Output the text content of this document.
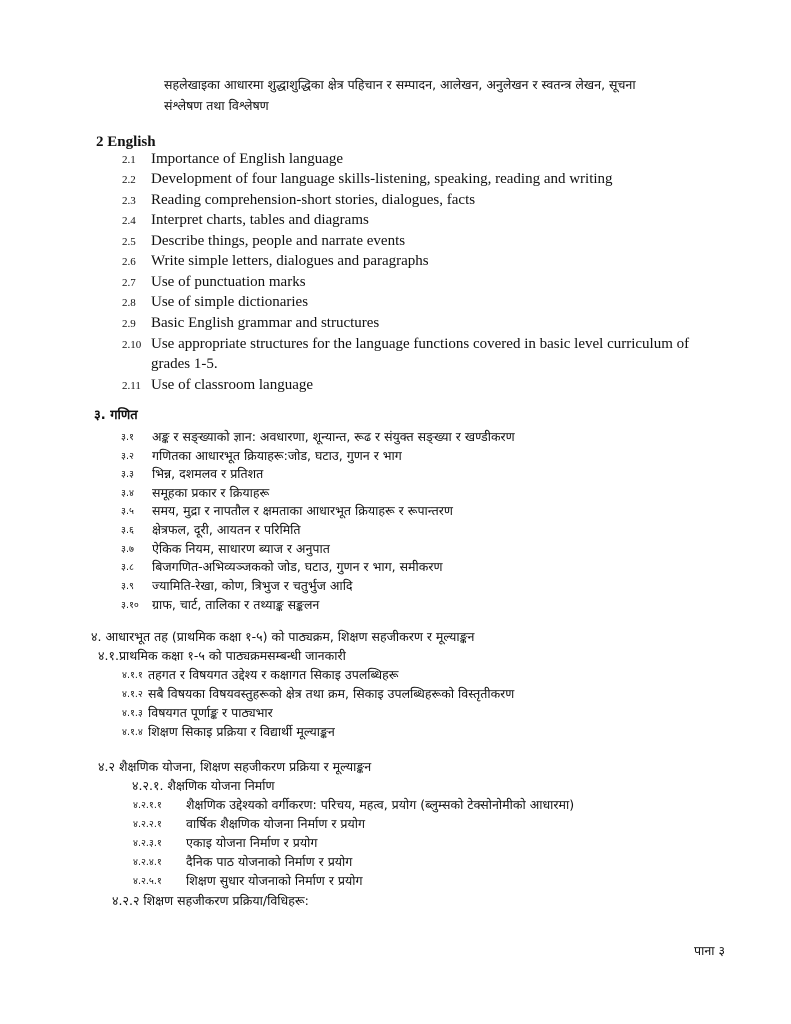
सहलेखाइका आधारमा शुद्धाशुद्धिका क्षेत्र पहिचान र सम्पादन, आलेखन, अनुलेखन र स्वतन्त्र लेखन, सूचना
संश्लेषण तथा विश्लेषण
2 English
2.1 Importance of English language
2.2 Development of four language skills-listening, speaking, reading and writing
2.3 Reading comprehension-short stories, dialogues, facts
2.4 Interpret charts, tables and diagrams
2.5 Describe things, people and narrate events
2.6 Write simple letters, dialogues and paragraphs
2.7 Use of punctuation marks
2.8 Use of simple dictionaries
2.9 Basic English grammar and structures
2.10 Use appropriate structures for the language functions covered in basic level curriculum of
grades 1-5.
2.11 Use of classroom language
३. गणित
३.१ अङ्क र सङ्ख्याको ज्ञान: अवधारणा, शून्यान्त, रूढ र संयुक्त सङ्ख्या र खण्डीकरण
३.२ गणितका आधारभूत क्रियाहरू:जोड, घटाउ, गुणन र भाग
३.३ भिन्न, दशमलव र प्रतिशत
३.४ समूहका प्रकार र क्रियाहरू
३.५ समय, मुद्रा र नापतौल र क्षमताका आधारभूत क्रियाहरू र रूपान्तरण
३.६ क्षेत्रफल, दूरी, आयतन र परिमिति
३.७ ऐकिक नियम, साधारण ब्याज र अनुपात
३.८ बिजगणित-अभिव्यञ्जकको जोड, घटाउ, गुणन र भाग, समीकरण
३.९ ज्यामिति-रेखा, कोण, त्रिभुज र चतुर्भुज आदि
३.१० ग्राफ, चार्ट, तालिका र तथ्याङ्क सङ्कलन
४. आधारभूत तह (प्राथमिक कक्षा १-५) को पाठ्यक्रम, शिक्षण सहजीकरण र मूल्याङ्कन
४.१.प्राथमिक कक्षा १-५ को पाठ्यक्रमसम्बन्धी जानकारी
४.१.१ तहगत र विषयगत उद्देश्य र कक्षागत सिकाइ उपलब्धिहरू
४.१.२ सबै विषयका विषयवस्तुहरूको क्षेत्र तथा क्रम, सिकाइ उपलब्धिहरूको विस्तृतीकरण
४.१.३ विषयगत पूर्णाङ्क र पाठ्यभार
४.१.४ शिक्षण सिकाइ प्रक्रिया र विद्यार्थी मूल्याङ्कन
४.२ शैक्षणिक योजना, शिक्षण सहजीकरण प्रक्रिया र मूल्याङ्कन
४.२.१. शैक्षणिक योजना निर्माण
४.२.१.१ शैक्षणिक उद्देश्यको वर्गीकरण: परिचय, महत्व, प्रयोग (ब्लुम्सको टेक्सोनोमीको आधारमा)
४.२.२.१ वार्षिक शैक्षणिक योजना निर्माण र प्रयोग
४.२.३.१ एकाइ योजना निर्माण र प्रयोग
४.२.४.१ दैनिक पाठ योजनाको निर्माण र प्रयोग
४.२.५.१ शिक्षण सुधार योजनाको निर्माण र प्रयोग
४.२.२ शिक्षण सहजीकरण प्रक्रिया/विधिहरू:
पाना ३
